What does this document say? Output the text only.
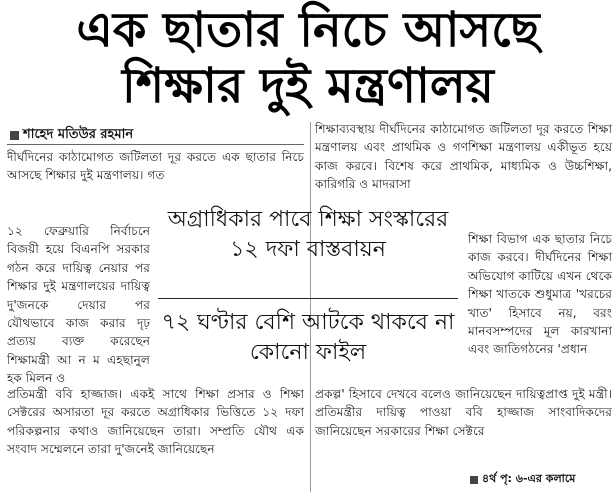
এক ছাতার নিচে আসছে
শিক্ষার দুই মন্ত্রণালয়
শাহেদ মতিউর রহমান

দীর্ঘদিনের কাঠামোগত জটিলতা দূর করতে এক ছাতার নিচে আসছে শিক্ষার দুই মন্ত্রণালয়। গত

১২ ফেব্রুয়ারি নির্বাচনে বিজয়ী হয়ে বিএনপি সরকার গঠন করে দায়িত্ব নেয়ার পর শিক্ষার দুই মন্ত্রণালয়ের দায়িত্ব দু'জনকে দেয়ার পর যৌথভাবে কাজ করার দৃঢ় প্রত্যয় ব্যক্ত করেছেন শিক্ষামন্ত্রী আ ন ম এহছানুল হক মিলন ও

প্রতিমন্ত্রী ববি হাজ্জাজ। একই সাথে শিক্ষা প্রসার ও শিক্ষা সেক্টরের অসারতা দূর করতে অগ্রাধিকার ভিত্তিতে ১২ দফা পরিকল্পনার কথাও জানিয়েছেন তারা। সম্প্রতি যৌথ এক সংবাদ সম্মেলনে তারা দু'জনেই জানিয়েছেন

শিক্ষাব্যবস্থায় দীর্ঘদিনের কাঠামোগত জটিলতা দূর করতে শিক্ষা মন্ত্রণালয় এবং প্রাথমিক ও গণশিক্ষা মন্ত্রণালয় একীভূত হয়ে কাজ করবে। বিশেষ করে প্রাথমিক, মাধ্যমিক ও উচ্চশিক্ষা, কারিগরি ও মাদরাসা

শিক্ষা বিভাগ এক ছাতার নিচে কাজ করবে। দীর্ঘদিনের শিক্ষা অভিযোগ কাটিয়ে এখন থেকে শিক্ষা খাতকে শুধুমাত্র 'খরচের খাত' হিসাবে নয়, বরং মানবসম্পদের মূল কারখানা এবং জাতিগঠনের 'প্রধান

প্রকল্প' হিসাবে দেখবে বলেও জানিয়েছেন দায়িত্বপ্রাপ্ত দুই মন্ত্রী। প্রতিমন্ত্রীর দায়িত্ব পাওয়া ববি হাজ্জাজ সাংবাদিকদের জানিয়েছেন সরকারের শিক্ষা সেক্টরে

অগ্রাধিকার পাবে শিক্ষা সংস্কারের ১২ দফা বাস্তবায়ন
৭২ ঘণ্টার বেশি আটকে থাকবে না কোনো ফাইল
৪র্থ পৃ: ৬-এর কলামে
